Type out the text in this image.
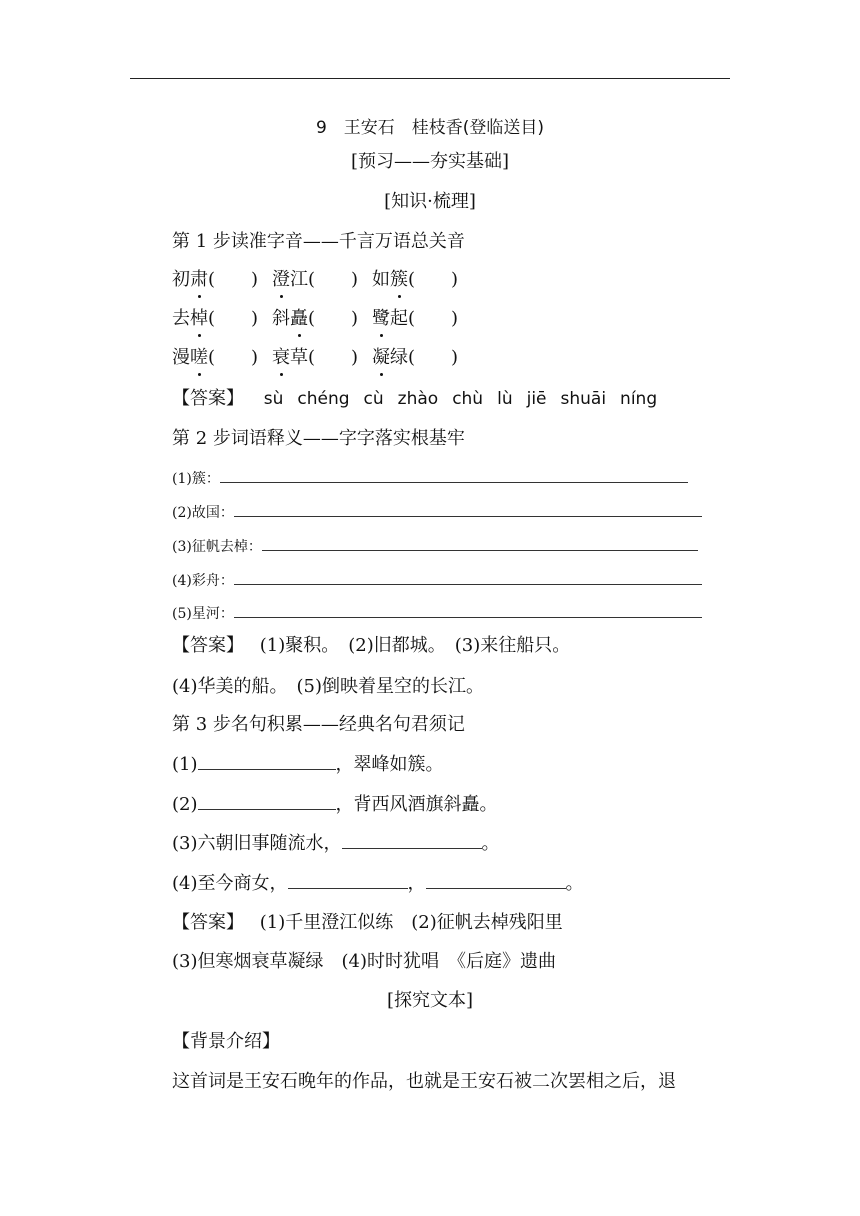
9　王安石　桂枝香(登临送目)
[预习——夯实基础]
[知识·梳理]
第 1 步读准字音——千言万语总关音
初肃(　　) 澄江(　　) 如簇(　　)
去棹(　　) 斜矗(　　) 鹭起(　　)
漫嗟(　　) 衰草(　　) 凝绿(　　)
【答案】 sù chéng cù zhào chù lù jiē shuāi níng
第 2 步词语释义——字字落实根基牢
(1)簇：
(2)故国：
(3)征帆去棹：
(4)彩舟：
(5)星河：
【答案】 (1)聚积。　(2)旧都城。　(3)来往船只。
(4)华美的船。　(5)倒映着星空的长江。
第 3 步名句积累——经典名句君须记
(1)	，翠峰如簇。
(2)	，背西风酒旗斜矗。
(3)六朝旧事随流水，	。
(4)至今商女，	，	。
【答案】 (1)千里澄江似练　(2)征帆去棹残阳里
(3)但寒烟衰草凝绿　(4)时时犹唱　《后庭》遗曲
[探究文本]
【背景介绍】
这首词是王安石晚年的作品，也就是王安石被二次罢相之后，退
